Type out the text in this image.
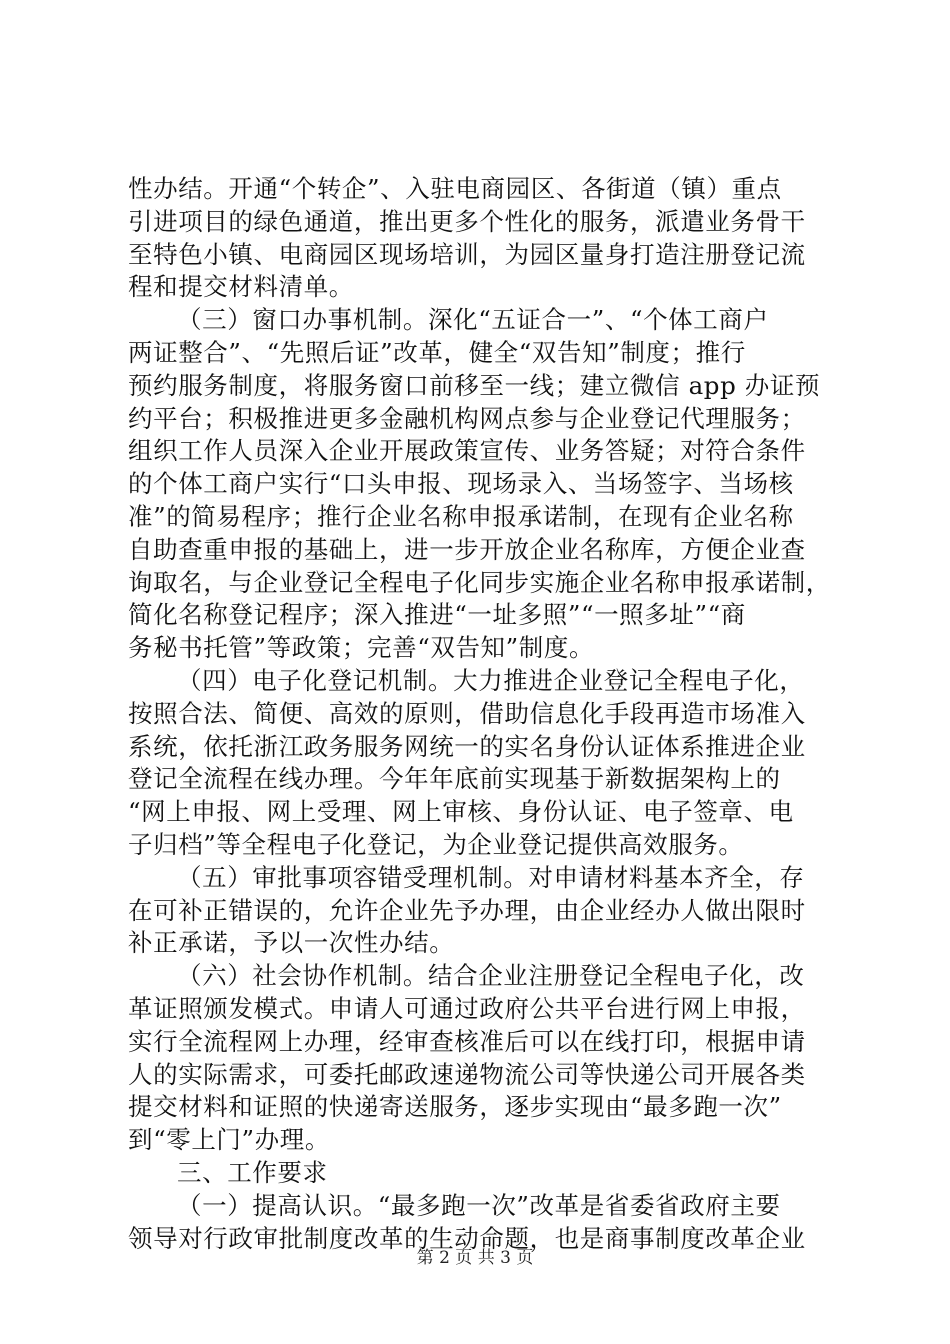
性办结。开通“个转企”、入驻电商园区、各街道（镇）重点
引进项目的绿色通道，推出更多个性化的服务，派遣业务骨干
至特色小镇、电商园区现场培训，为园区量身打造注册登记流
程和提交材料清单。
（三）窗口办事机制。深化“五证合一”、“个体工商户
两证整合”、“先照后证”改革，健全“双告知”制度；推行
预约服务制度，将服务窗口前移至一线；建立微信 app 办证预
约平台；积极推进更多金融机构网点参与企业登记代理服务；
组织工作人员深入企业开展政策宣传、业务答疑；对符合条件
的个体工商户实行“口头申报、现场录入、当场签字、当场核
准”的简易程序；推行企业名称申报承诺制，在现有企业名称
自助查重申报的基础上，进一步开放企业名称库，方便企业查
询取名，与企业登记全程电子化同步实施企业名称申报承诺制，
简化名称登记程序；深入推进“一址多照”“一照多址”“商
务秘书托管”等政策；完善“双告知”制度。
（四）电子化登记机制。大力推进企业登记全程电子化，
按照合法、简便、高效的原则，借助信息化手段再造市场准入
系统，依托浙江政务服务网统一的实名身份认证体系推进企业
登记全流程在线办理。今年年底前实现基于新数据架构上的
“网上申报、网上受理、网上审核、身份认证、电子签章、电
子归档”等全程电子化登记，为企业登记提供高效服务。
（五）审批事项容错受理机制。对申请材料基本齐全，存
在可补正错误的，允许企业先予办理，由企业经办人做出限时
补正承诺，予以一次性办结。
（六）社会协作机制。结合企业注册登记全程电子化，改
革证照颁发模式。申请人可通过政府公共平台进行网上申报，
实行全流程网上办理，经审查核准后可以在线打印，根据申请
人的实际需求，可委托邮政速递物流公司等快递公司开展各类
提交材料和证照的快递寄送服务，逐步实现由“最多跑一次”
到“零上门”办理。
三、工作要求
（一）提高认识。“最多跑一次”改革是省委省政府主要
领导对行政审批制度改革的生动命题，也是商事制度改革企业
第 2 页 共 3 页
